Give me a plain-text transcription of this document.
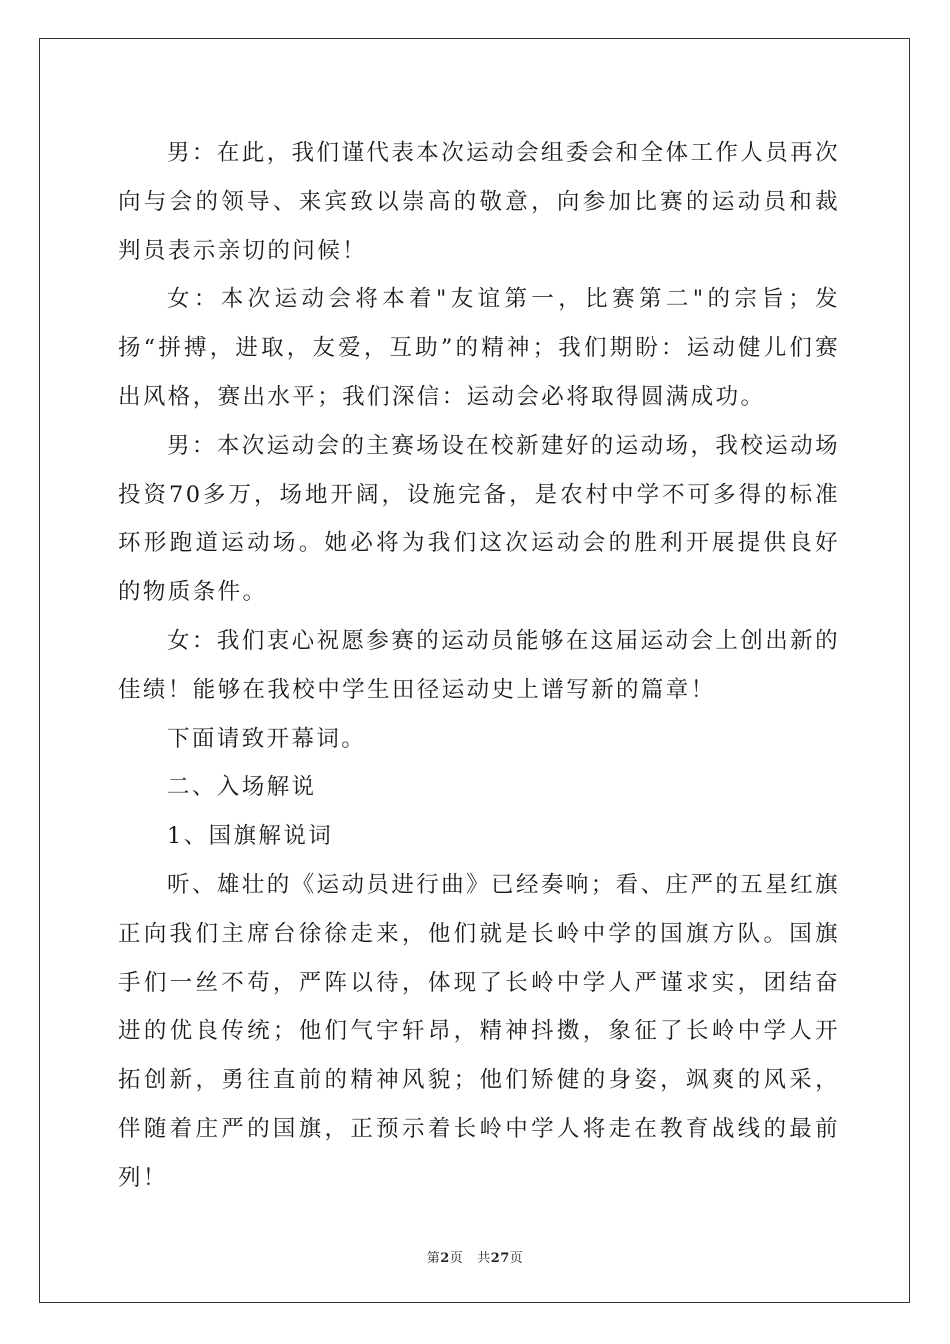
男：在此，我们谨代表本次运动会组委会和全体工作人员再次向与会的领导、来宾致以崇高的敬意，向参加比赛的运动员和裁判员表示亲切的问候！

女：本次运动会将本着"友谊第一，比赛第二"的宗旨；发扬“拼搏，进取，友爱，互助”的精神；我们期盼：运动健儿们赛出风格，赛出水平；我们深信：运动会必将取得圆满成功。

男：本次运动会的主赛场设在校新建好的运动场，我校运动场投资70多万，场地开阔，设施完备，是农村中学不可多得的标准环形跑道运动场。她必将为我们这次运动会的胜利开展提供良好的物质条件。

女：我们衷心祝愿参赛的运动员能够在这届运动会上创出新的佳绩！能够在我校中学生田径运动史上谱写新的篇章！

下面请致开幕词。

二、入场解说

1、国旗解说词

听、雄壮的《运动员进行曲》已经奏响；看、庄严的五星红旗正向我们主席台徐徐走来，他们就是长岭中学的国旗方队。国旗手们一丝不苟，严阵以待，体现了长岭中学人严谨求实，团结奋进的优良传统；他们气宇轩昂，精神抖擞，象征了长岭中学人开拓创新，勇往直前的精神风貌；他们矫健的身姿，飒爽的风采，伴随着庄严的国旗，正预示着长岭中学人将走在教育战线的最前列！

第2页 共27页
